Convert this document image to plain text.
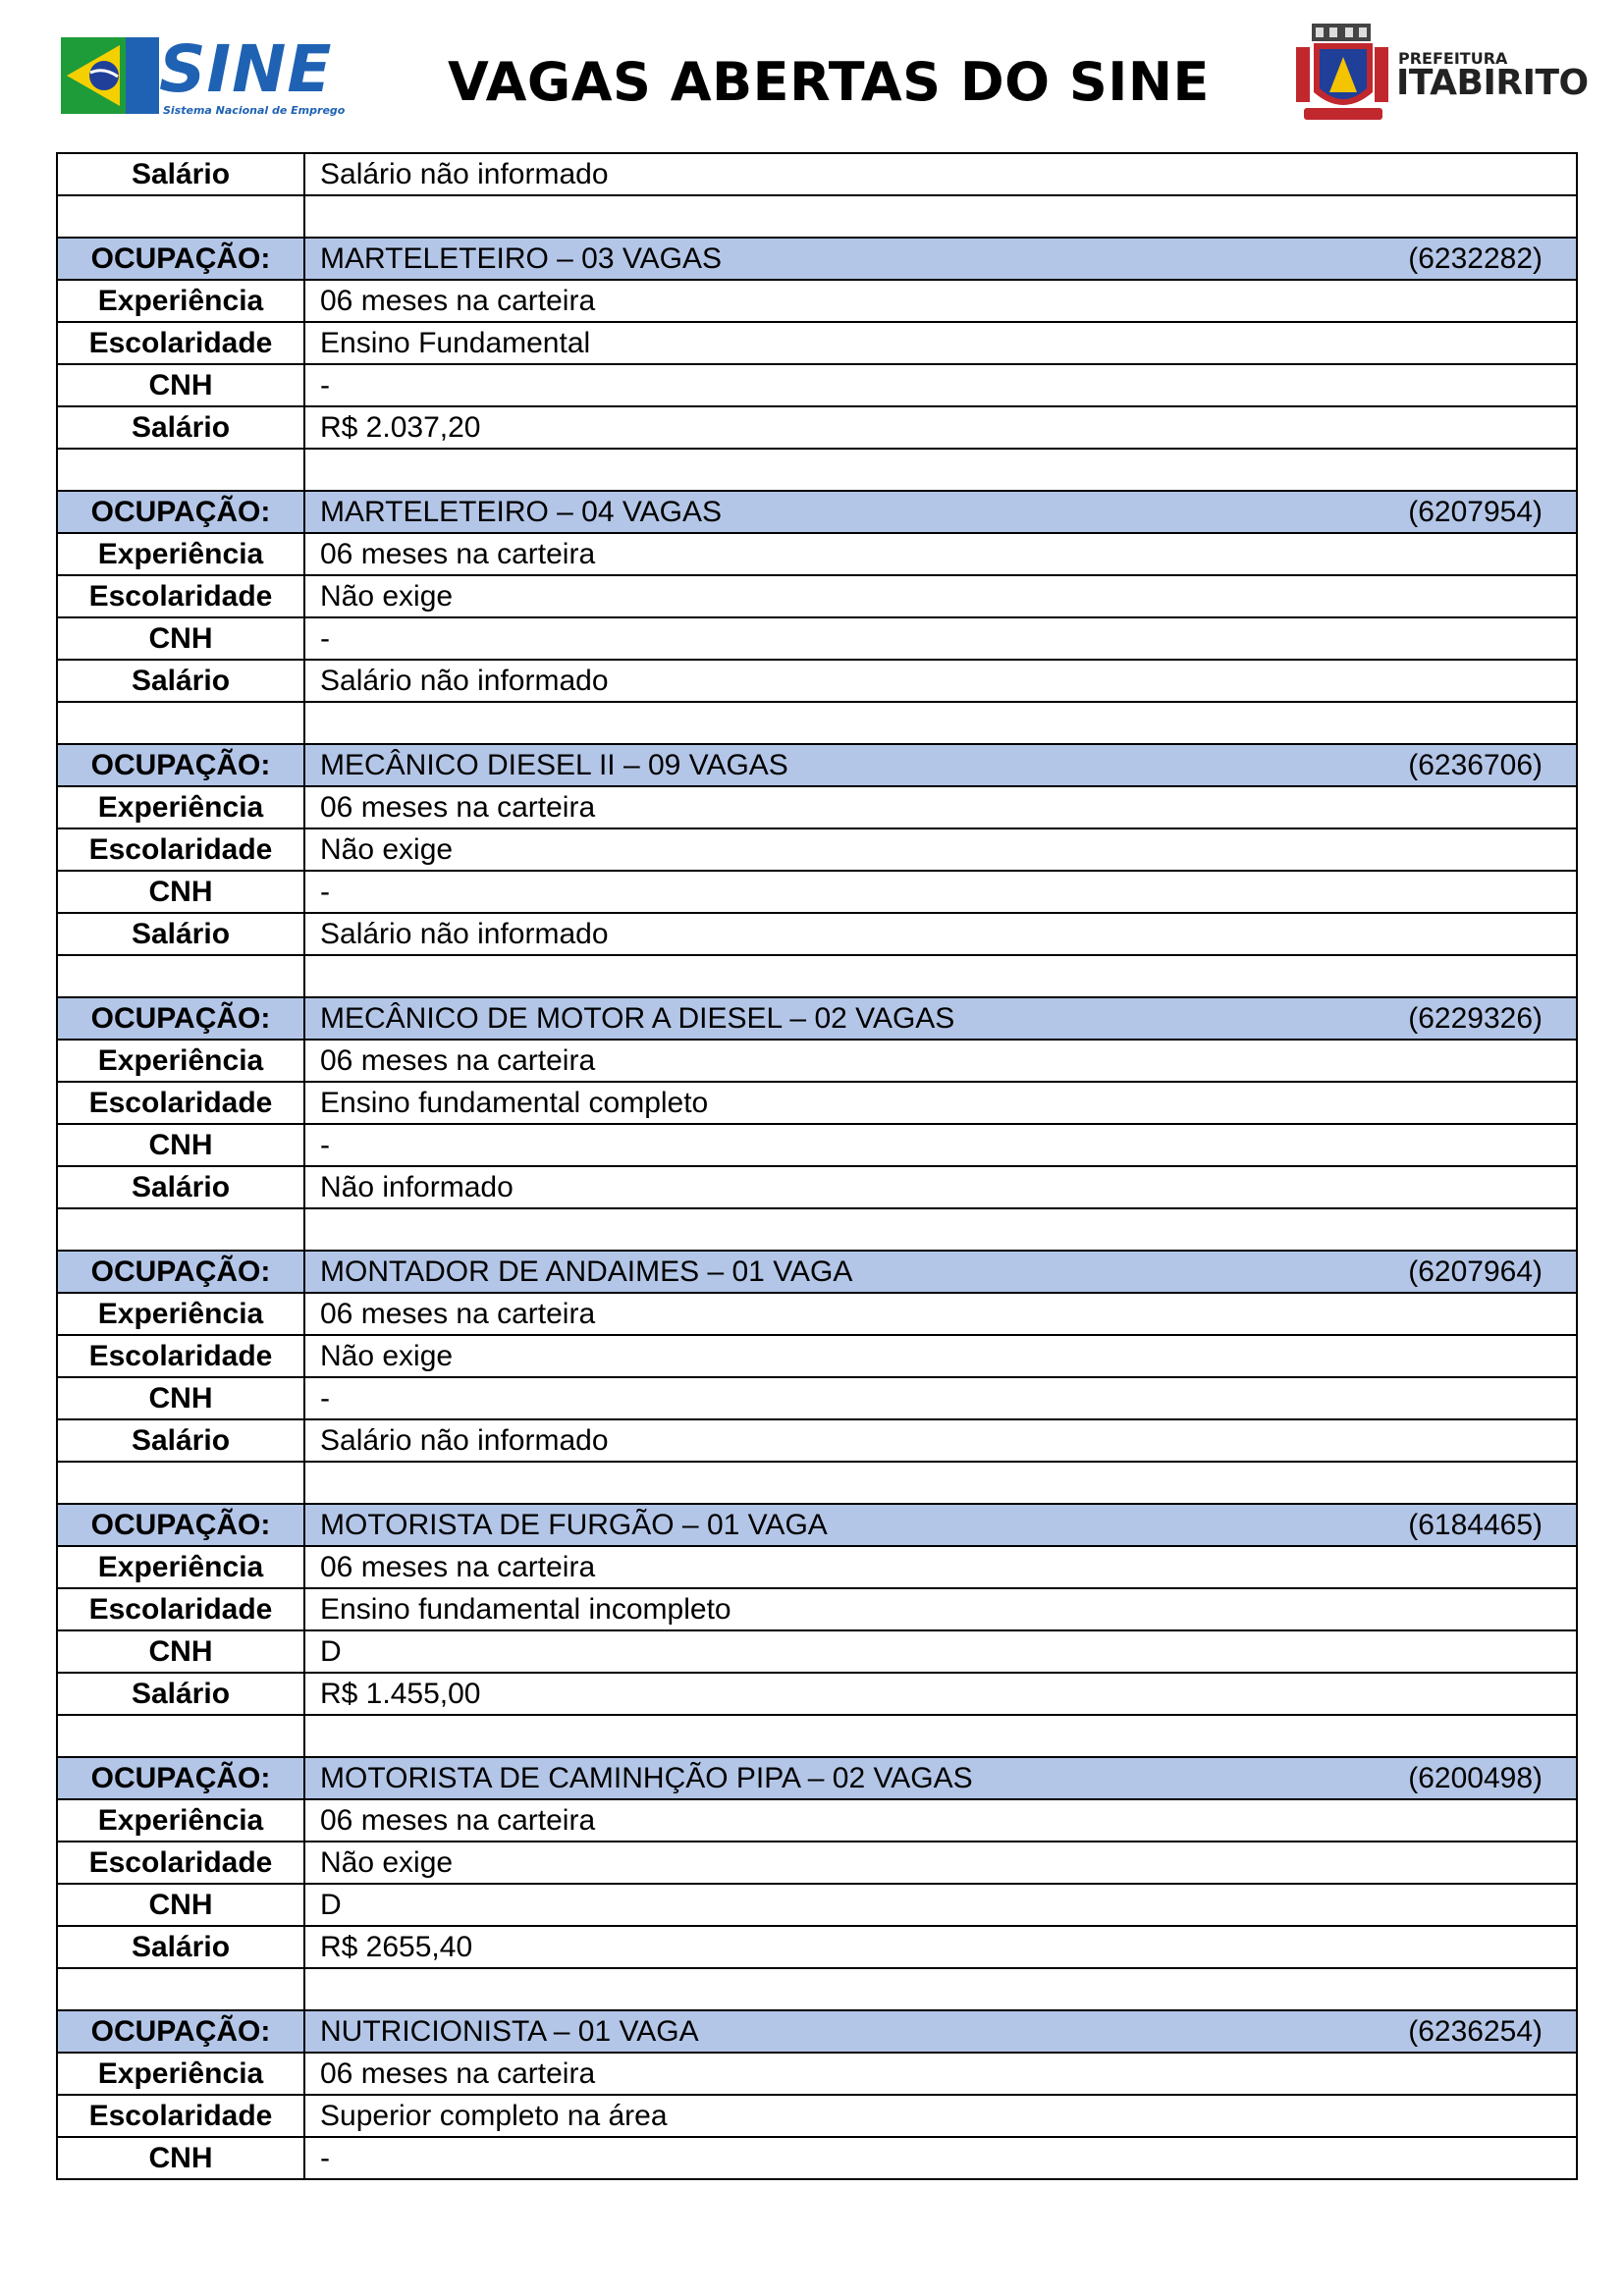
SINE
Sistema Nacional de Emprego VAGAS ABERTAS DO SINE	PREFEITURA
ITABIRITO
Salário	Salário não informado

OCUPAÇÃO:	MARTELETEIRO – 03 VAGAS (6232282)

Experiência	06 meses na carteira
Escolaridade	Ensino Fundamental
CNH	-
Salário	R$ 2.037,20

OCUPAÇÃO:	MARTELETEIRO – 04 VAGAS (6207954)

Experiência	06 meses na carteira
Escolaridade	Não exige
CNH	-
Salário	Salário não informado

OCUPAÇÃO:	MECÂNICO DIESEL II – 09 VAGAS (6236706)

Experiência	06 meses na carteira
Escolaridade	Não exige
CNH	-
Salário	Salário não informado

OCUPAÇÃO:	MECÂNICO DE MOTOR A DIESEL – 02 VAGAS (6229326)

Experiência	06 meses na carteira
Escolaridade	Ensino fundamental completo
CNH	-
Salário	Não informado

OCUPAÇÃO:	MONTADOR DE ANDAIMES – 01 VAGA (6207964)

Experiência	06 meses na carteira
Escolaridade	Não exige
CNH	-
Salário	Salário não informado

OCUPAÇÃO:	MOTORISTA DE FURGÃO – 01 VAGA (6184465)

Experiência	06 meses na carteira
Escolaridade	Ensino fundamental incompleto
CNH	D
Salário	R$ 1.455,00

OCUPAÇÃO:	MOTORISTA DE CAMINHÇÃO PIPA – 02 VAGAS (6200498)

Experiência	06 meses na carteira
Escolaridade	Não exige
CNH	D
Salário	R$ 2655,40

OCUPAÇÃO:	NUTRICIONISTA – 01 VAGA (6236254)

Experiência	06 meses na carteira
Escolaridade	Superior completo na área
CNH	-
